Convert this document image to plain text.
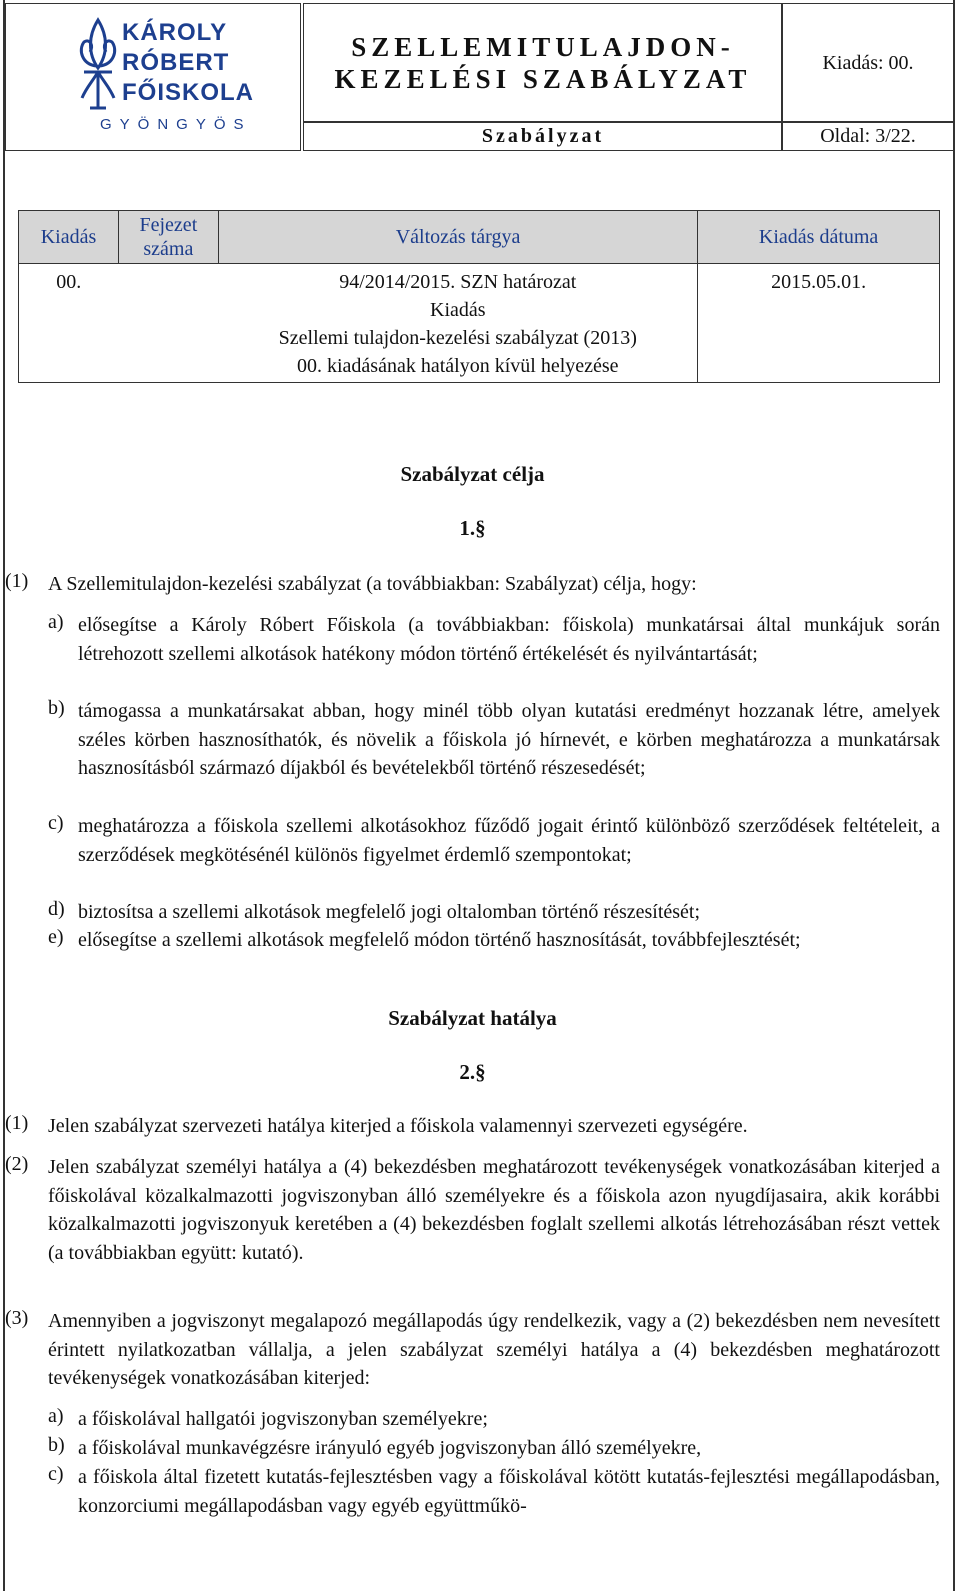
KÁROLY
RÓBERT
FŐISKOLA
GYÖNGYÖS
SZELLEMITULAJDON-
KEZELÉSI SZABÁLYZAT
Kiadás: 00.
Szabályzat	Oldal: 3/22.
Kiadás	Fejezet száma	Változás tárgya	Kiadás dátuma
00.		94/2014/2015. SZN határozat
Kiadás
Szellemi tulajdon-kezelési szabályzat (2013)
00. kiadásának hatályon kívül helyezése	2015.05.01.
Szabályzat célja
1.§
(1) A Szellemitulajdon-kezelési szabályzat (a továbbiakban: Szabályzat) célja, hogy:
a) elősegítse a Károly Róbert Főiskola (a továbbiakban: főiskola) munkatársai által munkájuk során létrehozott szellemi alkotások hatékony módon történő értékelését és nyilvántartását;
b) támogassa a munkatársakat abban, hogy minél több olyan kutatási eredményt hozzanak létre, amelyek széles körben hasznosíthatók, és növelik a főiskola jó hírnevét, e körben meghatározza a munkatársak hasznosításból származó díjakból és bevételekből történő részesedését;
c) meghatározza a főiskola szellemi alkotásokhoz fűződő jogait érintő különböző szerződések feltételeit, a szerződések megkötésénél különös figyelmet érdemlő szempontokat;
d) biztosítsa a szellemi alkotások megfelelő jogi oltalomban történő részesítését;
e) elősegítse a szellemi alkotások megfelelő módon történő hasznosítását, továbbfejlesztését;
Szabályzat hatálya
2.§
(1) Jelen szabályzat szervezeti hatálya kiterjed a főiskola valamennyi szervezeti egységére.
(2) Jelen szabályzat személyi hatálya a (4) bekezdésben meghatározott tevékenységek vonatkozásában kiterjed a főiskolával közalkalmazotti jogviszonyban álló személyekre és a főiskola azon nyugdíjasaira, akik korábbi közalkalmazotti jogviszonyuk keretében a (4) bekezdésben foglalt szellemi alkotás létrehozásában részt vettek (a továbbiakban együtt: kutató).
(3) Amennyiben a jogviszonyt megalapozó megállapodás úgy rendelkezik, vagy a (2) bekezdésben nem nevesített érintett nyilatkozatban vállalja, a jelen szabályzat személyi hatálya a (4) bekezdésben meghatározott tevékenységek vonatkozásában kiterjed:
a) a főiskolával hallgatói jogviszonyban személyekre;
b) a főiskolával munkavégzésre irányuló egyéb jogviszonyban álló személyekre,
c) a főiskola által fizetett kutatás-fejlesztésben vagy a főiskolával kötött kutatás-fejlesztési megállapodásban, konzorciumi megállapodásban vagy egyéb együttműkö-
